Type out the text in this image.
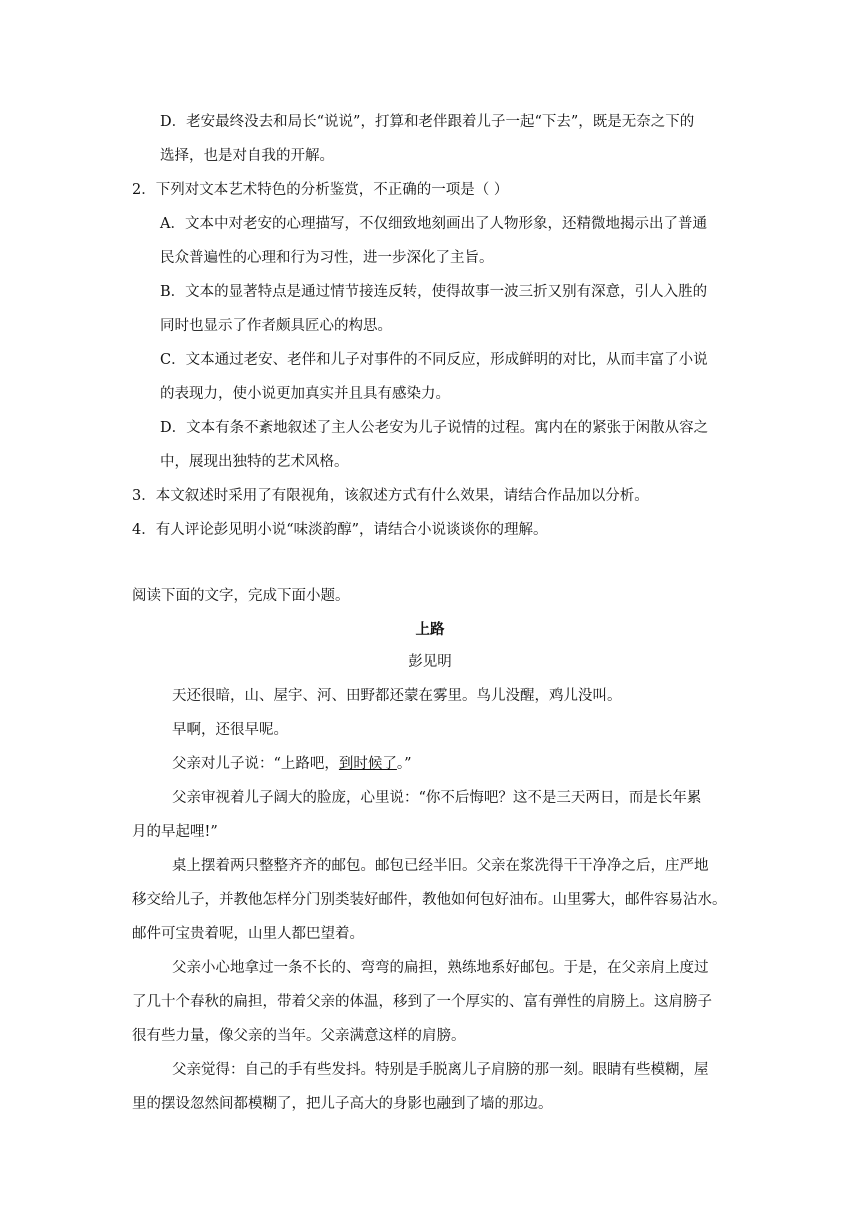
D．老安最终没去和局长“说说”，打算和老伴跟着儿子一起“下去”，既是无奈之下的
选择，也是对自我的开解。
2．下列对文本艺术特色的分析鉴赏，不正确的一项是（ ）
A．文本中对老安的心理描写，不仅细致地刻画出了人物形象，还精微地揭示出了普通
民众普遍性的心理和行为习性，进一步深化了主旨。
B．文本的显著特点是通过情节接连反转，使得故事一波三折又别有深意，引人入胜的
同时也显示了作者颇具匠心的构思。
C．文本通过老安、老伴和儿子对事件的不同反应，形成鲜明的对比，从而丰富了小说
的表现力，使小说更加真实并且具有感染力。
D．文本有条不紊地叙述了主人公老安为儿子说情的过程。寓内在的紧张于闲散从容之
中，展现出独特的艺术风格。
3．本文叙述时采用了有限视角，该叙述方式有什么效果，请结合作品加以分析。
4．有人评论彭见明小说“味淡韵醇”，请结合小说谈谈你的理解。
阅读下面的文字，完成下面小题。
上路
彭见明
天还很暗，山、屋宇、河、田野都还蒙在雾里。鸟儿没醒，鸡儿没叫。
早啊，还很早呢。
父亲对儿子说：“上路吧，到时候了。”
父亲审视着儿子阔大的脸庞，心里说：“你不后悔吧？这不是三天两日，而是长年累
月的早起哩!”
桌上摆着两只整整齐齐的邮包。邮包已经半旧。父亲在浆洗得干干净净之后，庄严地
移交给儿子，并教他怎样分门别类装好邮件，教他如何包好油布。山里雾大，邮件容易沾水。
邮件可宝贵着呢，山里人都巴望着。
父亲小心地拿过一条不长的、弯弯的扁担，熟练地系好邮包。于是，在父亲肩上度过
了几十个春秋的扁担，带着父亲的体温，移到了一个厚实的、富有弹性的肩膀上。这肩膀子
很有些力量，像父亲的当年。父亲满意这样的肩膀。
父亲觉得：自己的手有些发抖。特别是手脱离儿子肩膀的那一刻。眼睛有些模糊，屋
里的摆设忽然间都模糊了，把儿子高大的身影也融到了墙的那边。
